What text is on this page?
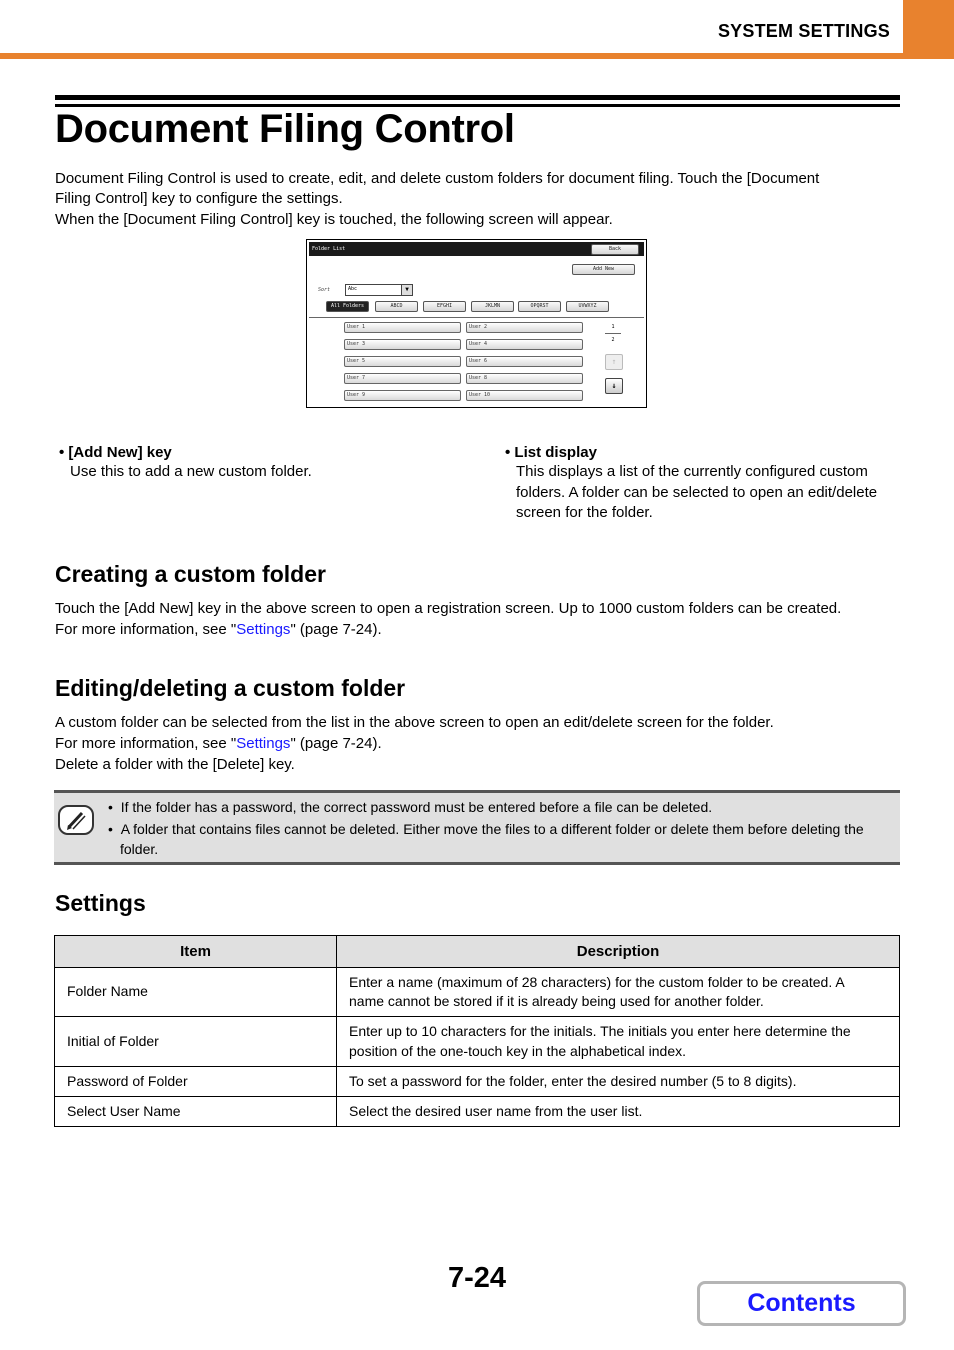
SYSTEM SETTINGS
Document Filing Control

Document Filing Control is used to create, edit, and delete custom folders for document filing. Touch the [Document

Filing Control] key to configure the settings.

When the [Document Filing Control] key is touched, the following screen will appear.

Folder List	Back
Add New
Sort	Abc	▼
All Folders	ABCD	EFGHI	JKLMN	OPQRST	UVWXYZ
User 1	User 2
User 3	User 4
User 5	User 6
User 7	User 8
User 9	User 10
1
2
↑
↓
• [Add New] key
Use this to add a new custom folder.
• List display
This displays a list of the currently configured custom
folders. A folder can be selected to open an edit/delete
screen for the folder.
Creating a custom folder

Touch the [Add New] key in the above screen to open a registration screen. Up to 1000 custom folders can be created.

For more information, see "Settings" (page 7-24).

Editing/deleting a custom folder

A custom folder can be selected from the list in the above screen to open an edit/delete screen for the folder.

For more information, see "Settings" (page 7-24).

Delete a folder with the [Delete] key.

•  If the folder has a password, the correct password must be entered before a file can be deleted.
•  A folder that contains files cannot be deleted. Either move the files to a different folder or delete them before deleting the
folder.
Settings
Item	Description
Folder Name	Enter a name (maximum of 28 characters) for the custom folder to be created. A
name cannot be stored if it is already being used for another folder.

Initial of Folder	Enter up to 10 characters for the initials. The initials you enter here determine the
position of the one-touch key in the alphabetical index.

Password of Folder	To set a password for the folder, enter the desired number (5 to 8 digits).
Select User Name	Select the desired user name from the user list.
7-24
Contents
